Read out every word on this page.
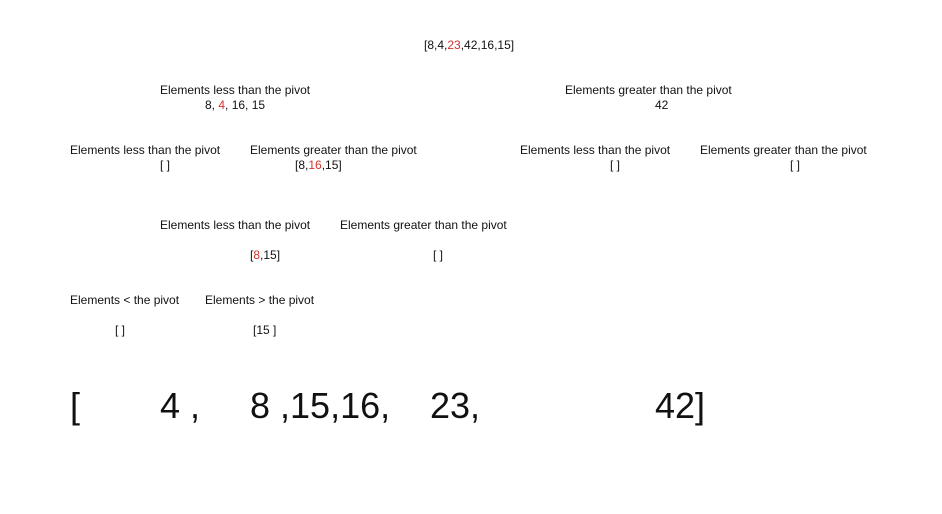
[8,4,23,42,16,15]
Elements less than the pivot
8, 4, 16, 15
Elements greater than the pivot
42
Elements less than the pivot
[ ]
Elements greater than the pivot
[8,16,15]
Elements less than the pivot
[ ]
Elements greater than the pivot
[ ]
Elements less than the pivot
[8,15]
Elements greater than the pivot
[ ]
Elements < the pivot
[ ]
Elements > the pivot
[15 ]
[ 4 , 8 ,15,16, 23,	42]
